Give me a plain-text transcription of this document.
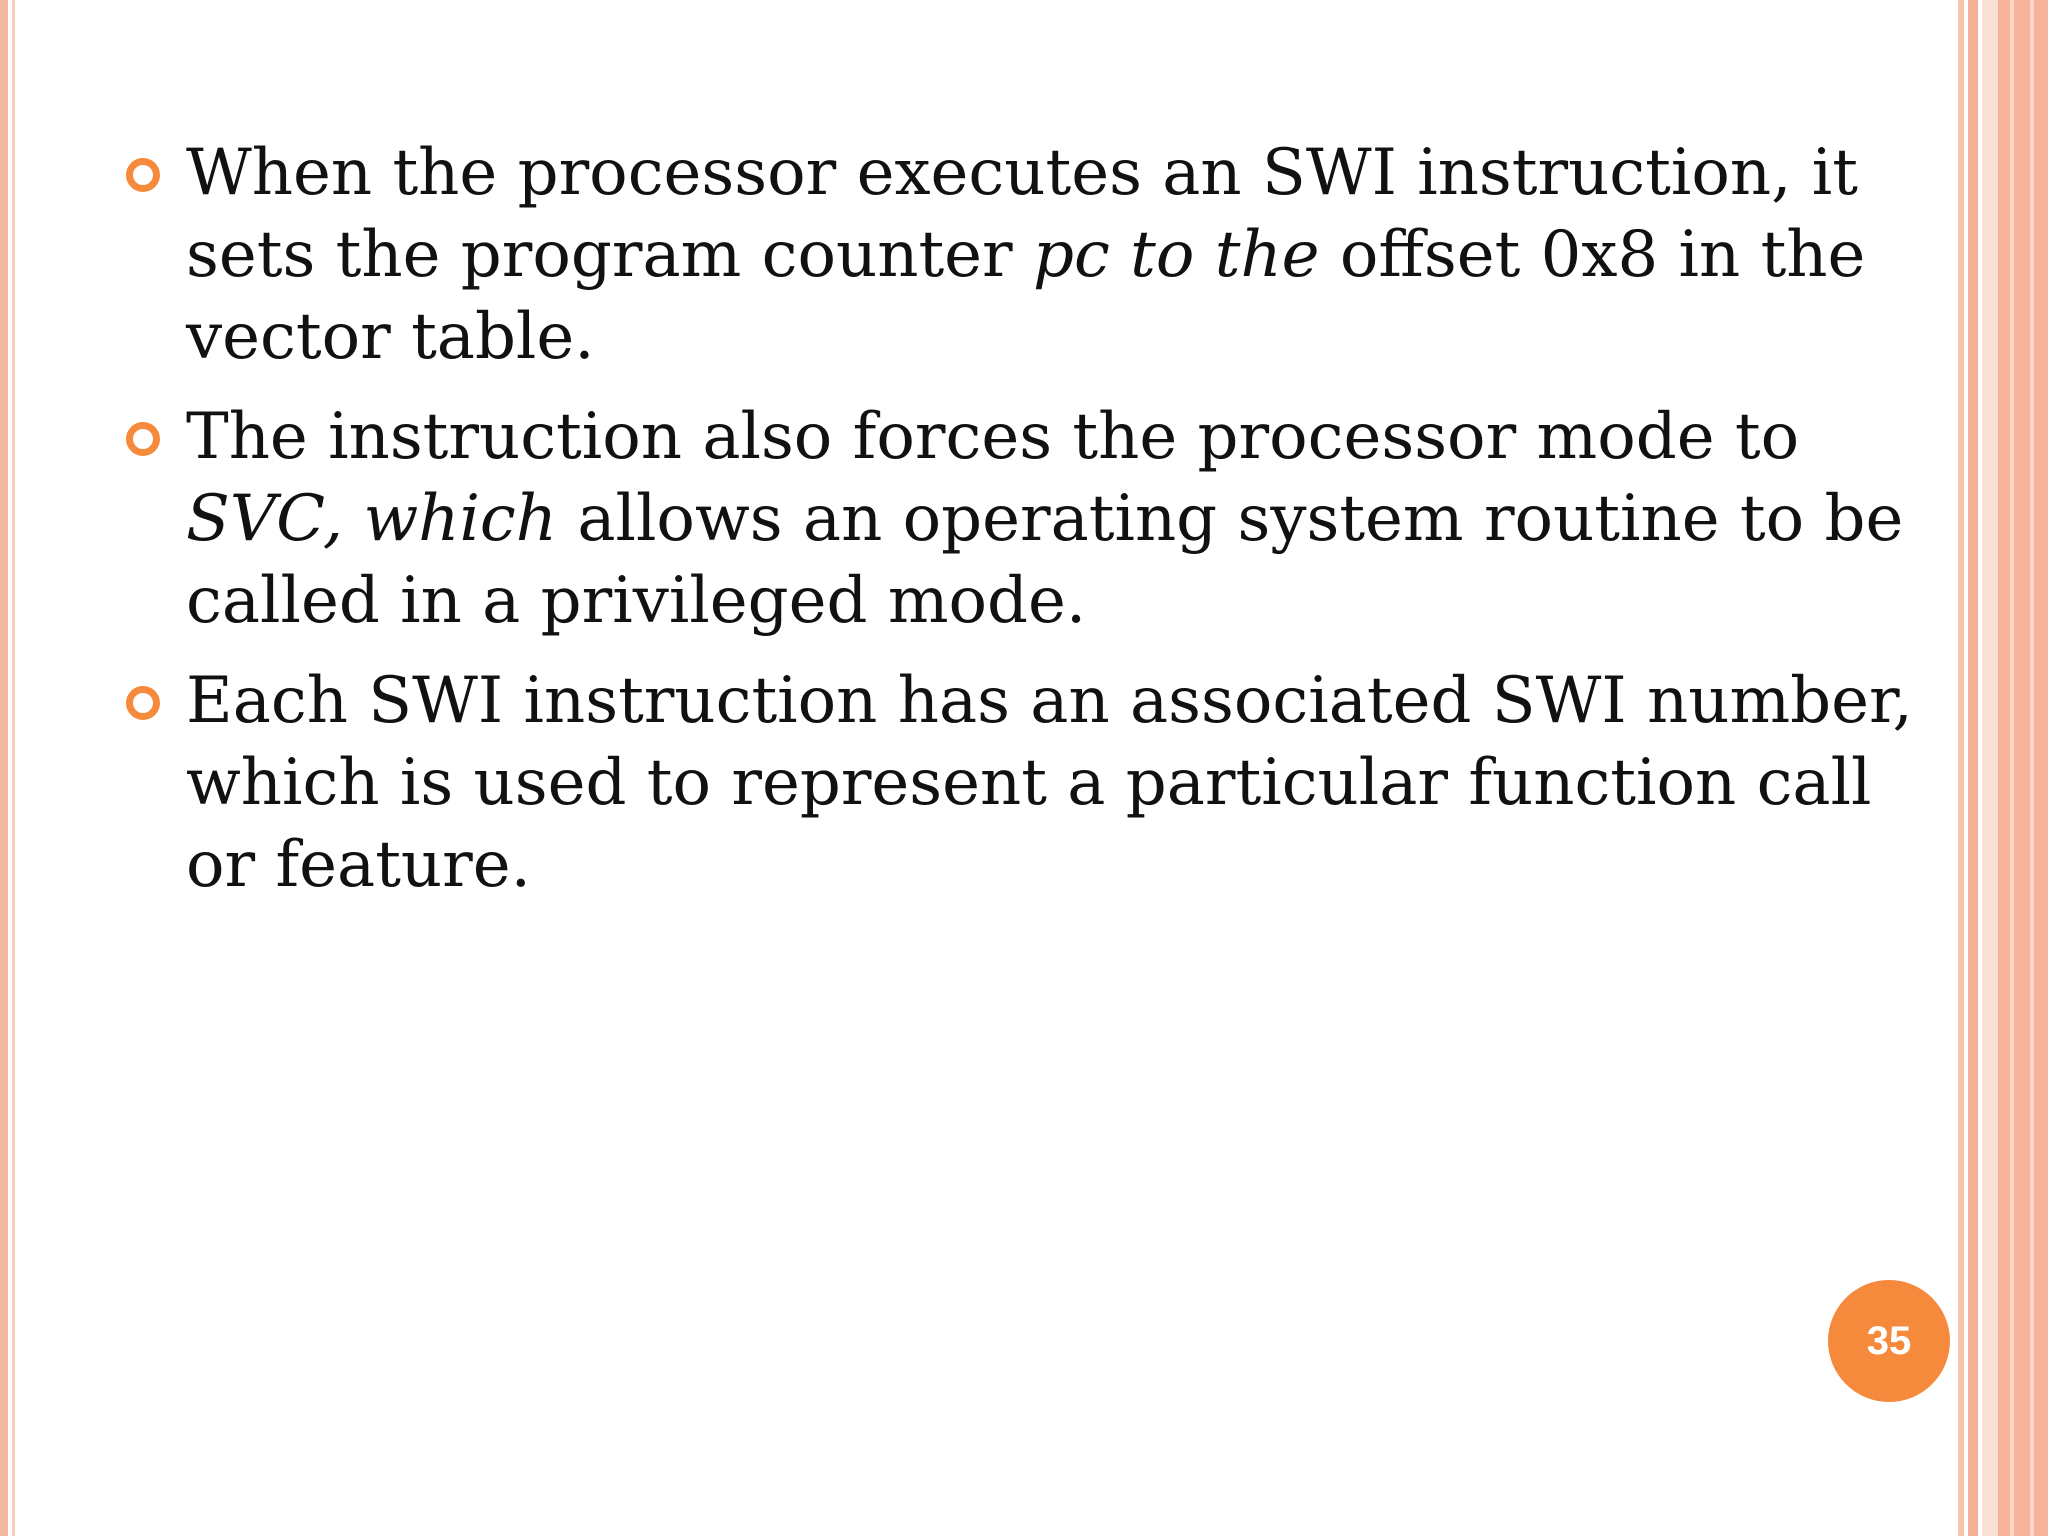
When the processor executes an SWI instruction, it sets the program counter pc to the offset 0x8 in the vector table.
The instruction also forces the processor mode to SVC, which allows an operating system routine to be called in a privileged mode.
Each SWI instruction has an associated SWI number, which is used to represent a particular function call or feature.
35
